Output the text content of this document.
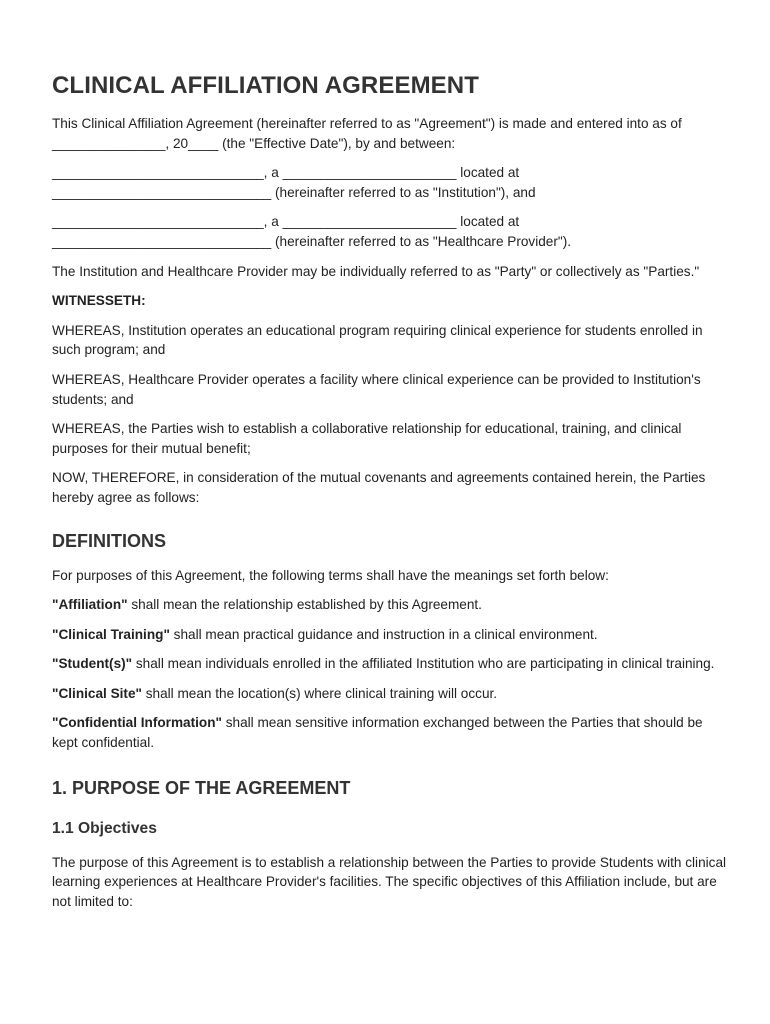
CLINICAL AFFILIATION AGREEMENT

This Clinical Affiliation Agreement (hereinafter referred to as "Agreement") is made and entered into as of _______________, 20____ (the "Effective Date"), by and between:

____________________________, a _______________________ located at _____________________________ (hereinafter referred to as "Institution"), and

____________________________, a _______________________ located at _____________________________ (hereinafter referred to as "Healthcare Provider").

The Institution and Healthcare Provider may be individually referred to as "Party" or collectively as "Parties."

WITNESSETH:

WHEREAS, Institution operates an educational program requiring clinical experience for students enrolled in such program; and

WHEREAS, Healthcare Provider operates a facility where clinical experience can be provided to Institution's students; and

WHEREAS, the Parties wish to establish a collaborative relationship for educational, training, and clinical purposes for their mutual benefit;

NOW, THEREFORE, in consideration of the mutual covenants and agreements contained herein, the Parties hereby agree as follows:

DEFINITIONS

For purposes of this Agreement, the following terms shall have the meanings set forth below:

"Affiliation" shall mean the relationship established by this Agreement.

"Clinical Training" shall mean practical guidance and instruction in a clinical environment.

"Student(s)" shall mean individuals enrolled in the affiliated Institution who are participating in clinical training.

"Clinical Site" shall mean the location(s) where clinical training will occur.

"Confidential Information" shall mean sensitive information exchanged between the Parties that should be kept confidential.

1. PURPOSE OF THE AGREEMENT
1.1 Objectives

The purpose of this Agreement is to establish a relationship between the Parties to provide Students with clinical learning experiences at Healthcare Provider's facilities. The specific objectives of this Affiliation include, but are not limited to:
